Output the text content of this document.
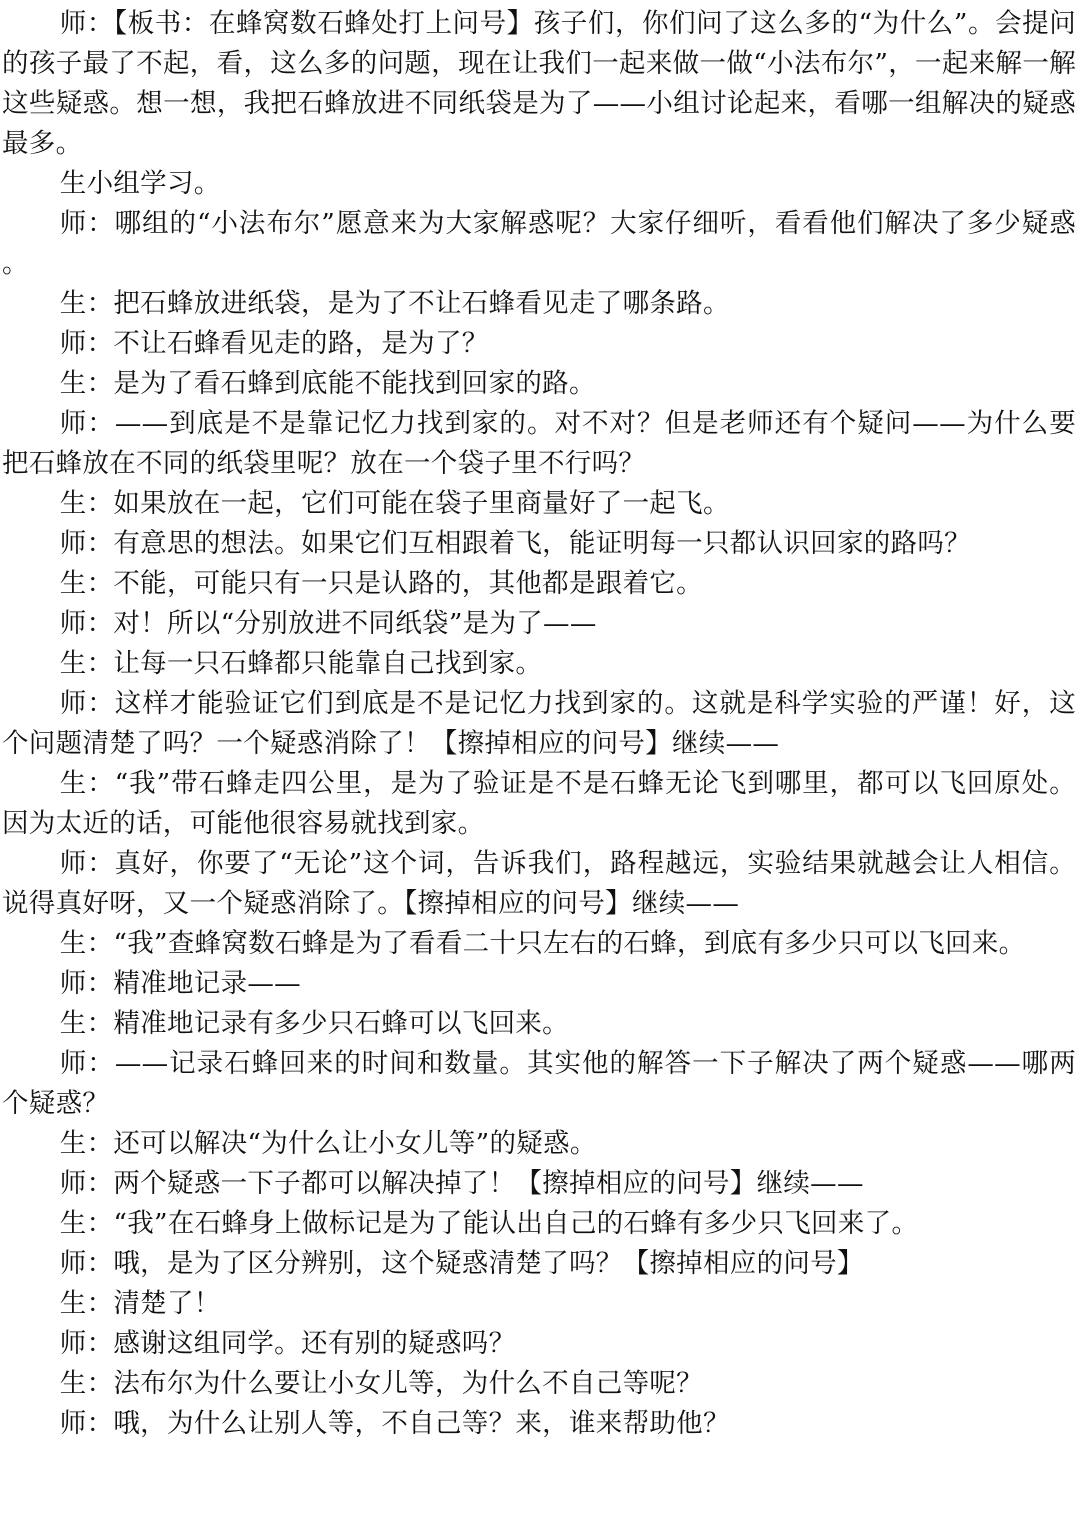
师：【板书：在蜂窝数石蜂处打上问号】孩子们，你们问了这么多的“为什么”。会提问的孩子最了不起，看，这么多的问题，现在让我们一起来做一做“小法布尔”，一起来解一解这些疑惑。想一想，我把石蜂放进不同纸袋是为了——小组讨论起来，看哪一组解决的疑惑最多。

生小组学习。

师：哪组的“小法布尔”愿意来为大家解惑呢？大家仔细听，看看他们解决了多少疑惑。

生：把石蜂放进纸袋，是为了不让石蜂看见走了哪条路。

师：不让石蜂看见走的路，是为了？

生：是为了看石蜂到底能不能找到回家的路。

师：——到底是不是靠记忆力找到家的。对不对？但是老师还有个疑问——为什么要把石蜂放在不同的纸袋里呢？放在一个袋子里不行吗？

生：如果放在一起，它们可能在袋子里商量好了一起飞。

师：有意思的想法。如果它们互相跟着飞，能证明每一只都认识回家的路吗？

生：不能，可能只有一只是认路的，其他都是跟着它。

师：对！所以“分别放进不同纸袋”是为了——

生：让每一只石蜂都只能靠自己找到家。

师：这样才能验证它们到底是不是记忆力找到家的。这就是科学实验的严谨！好，这个问题清楚了吗？一个疑惑消除了！【擦掉相应的问号】继续——

生：“我”带石蜂走四公里，是为了验证是不是石蜂无论飞到哪里，都可以飞回原处。因为太近的话，可能他很容易就找到家。

师：真好，你要了“无论”这个词，告诉我们，路程越远，实验结果就越会让人相信。说得真好呀，又一个疑惑消除了。【擦掉相应的问号】继续——

生：“我”查蜂窝数石蜂是为了看看二十只左右的石蜂，到底有多少只可以飞回来。

师：精准地记录——

生：精准地记录有多少只石蜂可以飞回来。

师：——记录石蜂回来的时间和数量。其实他的解答一下子解决了两个疑惑——哪两个疑惑？

生：还可以解决“为什么让小女儿等”的疑惑。

师：两个疑惑一下子都可以解决掉了！【擦掉相应的问号】继续——

生：“我”在石蜂身上做标记是为了能认出自己的石蜂有多少只飞回来了。

师：哦，是为了区分辨别，这个疑惑清楚了吗？【擦掉相应的问号】

生：清楚了！

师：感谢这组同学。还有别的疑惑吗？

生：法布尔为什么要让小女儿等，为什么不自己等呢？

师：哦，为什么让别人等，不自己等？来，谁来帮助他？
